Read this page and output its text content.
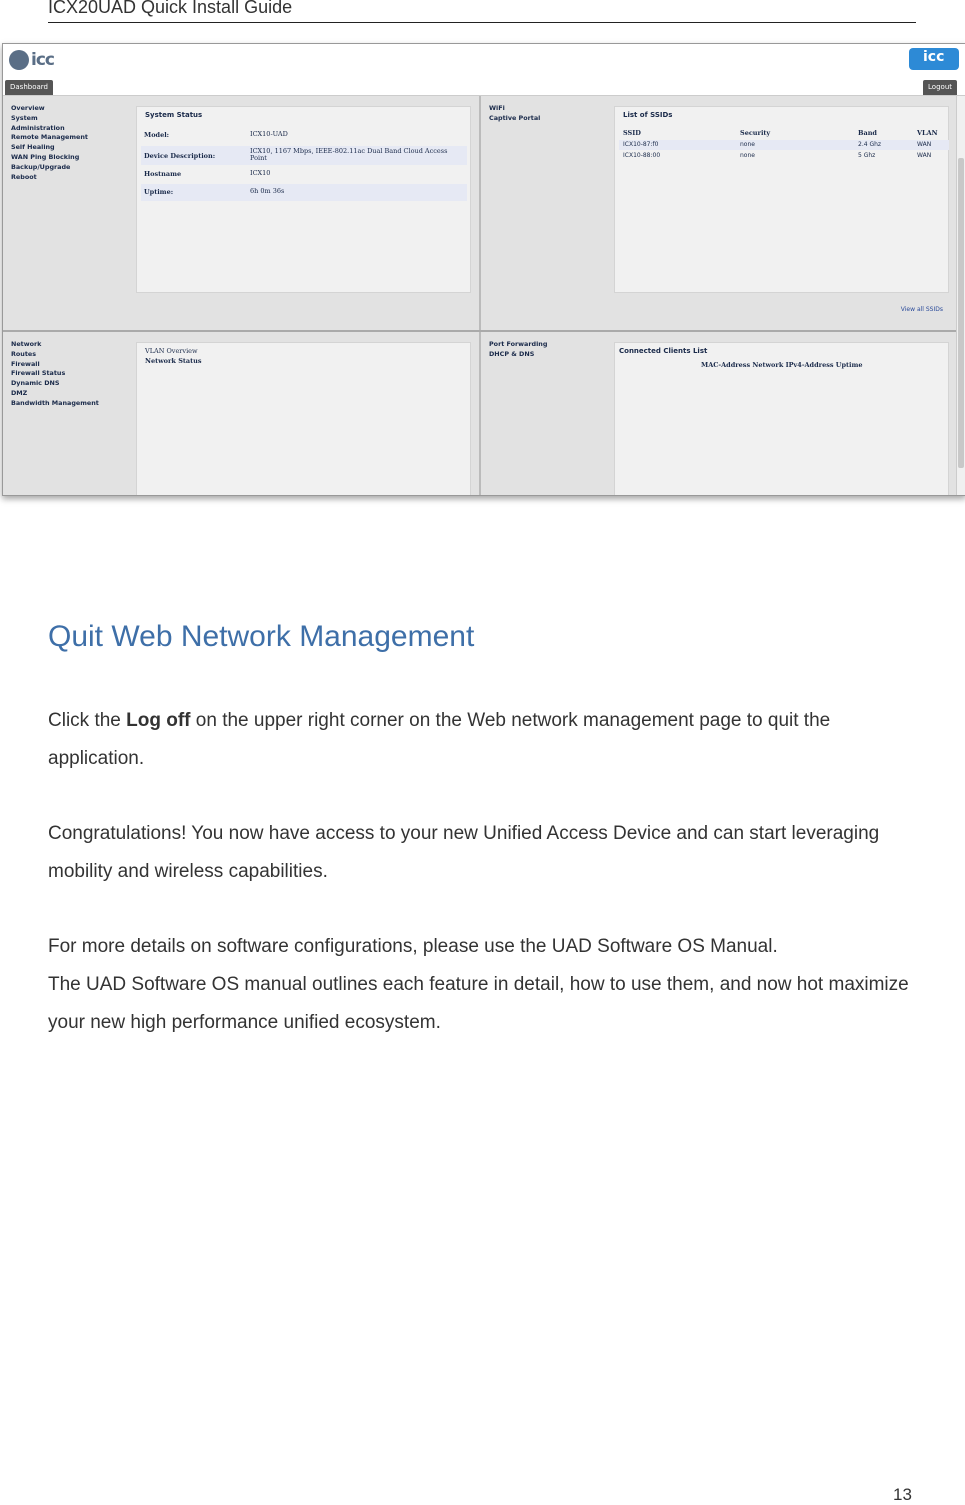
ICX20UAD Quick Install Guide
icc	icc
Dashboard	Logout
Overview
System
Administration
Remote Management
Self Healing
WAN Ping Blocking
Backup/Upgrade
Reboot
System Status
Model:	ICX10-UAD
Device Description:
ICX10, 1167 Mbps, IEEE-802.11ac Dual Band Cloud Access Point
Hostname	ICX10
Uptime:	6h 0m 36s
WiFi
Captive Portal	List of SSIDs
SSID	Security	Band	VLAN
ICX10-87:f0	none	2.4 Ghz	WAN
ICX10-88:00	none	5 Ghz	WAN
View all SSIDs
Network
Routes
Firewall
Firewall Status
Dynamic DNS
DMZ
Bandwidth Management
VLAN Overview
Network Status
Port Forwarding
DHCP & DNS	Connected Clients List
MAC-Address Network IPv4-Address Uptime
Quit Web Network Management
Click the Log off on the upper right corner on the Web network management page to quit the application.
Congratulations! You now have access to your new Unified Access Device and can start leveraging mobility and wireless capabilities.
For more details on software configurations, please use the UAD Software OS Manual.
The UAD Software OS manual outlines each feature in detail, how to use them, and now hot maximize your new high performance unified ecosystem.
13
